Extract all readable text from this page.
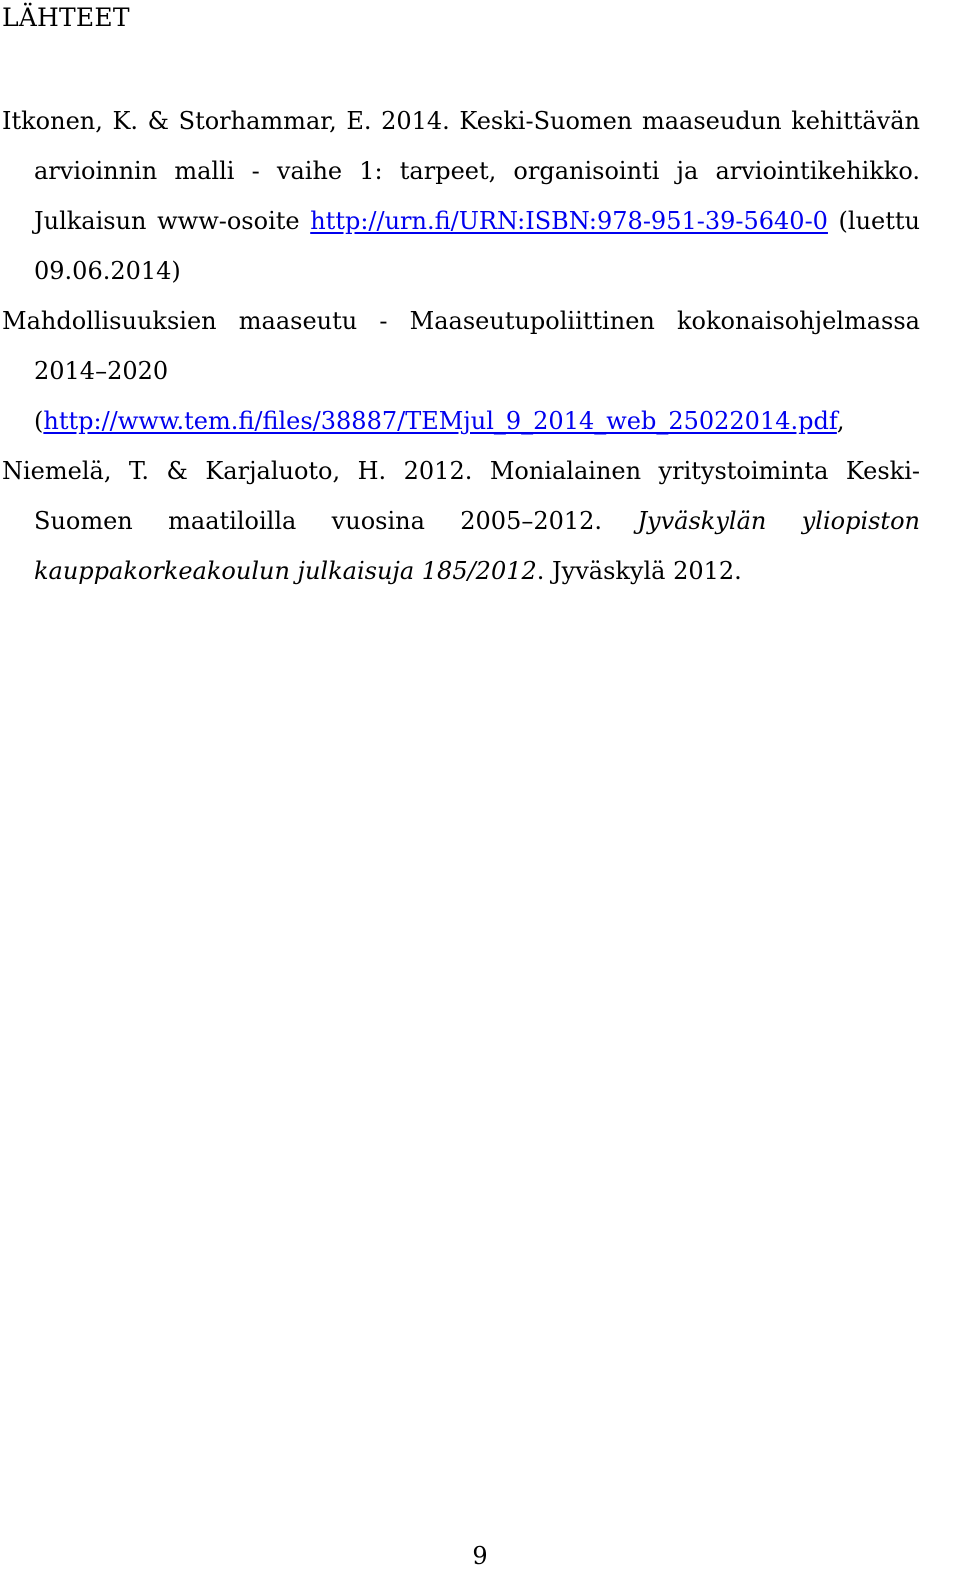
LÄHTEET
Itkonen, K. & Storhammar, E. 2014. Keski-Suomen maaseudun kehittävän arvioinnin malli - vaihe 1: tarpeet, organisointi ja arviointikehikko. Julkaisun www-osoite http://urn.fi/URN:ISBN:978-951-39-5640-0 (luettu 09.06.2014)
Mahdollisuuksien maaseutu - Maaseutupoliittinen kokonaisohjelmassa 2014–2020 (http://www.tem.fi/files/38887/TEMjul_9_2014_web_25022014.pdf,
Niemelä, T. & Karjaluoto, H. 2012. Monialainen yritystoiminta Keski-Suomen maatiloilla vuosina 2005–2012. Jyväskylän yliopiston kauppakorkeakoulun julkaisuja 185/2012. Jyväskylä 2012.
9
